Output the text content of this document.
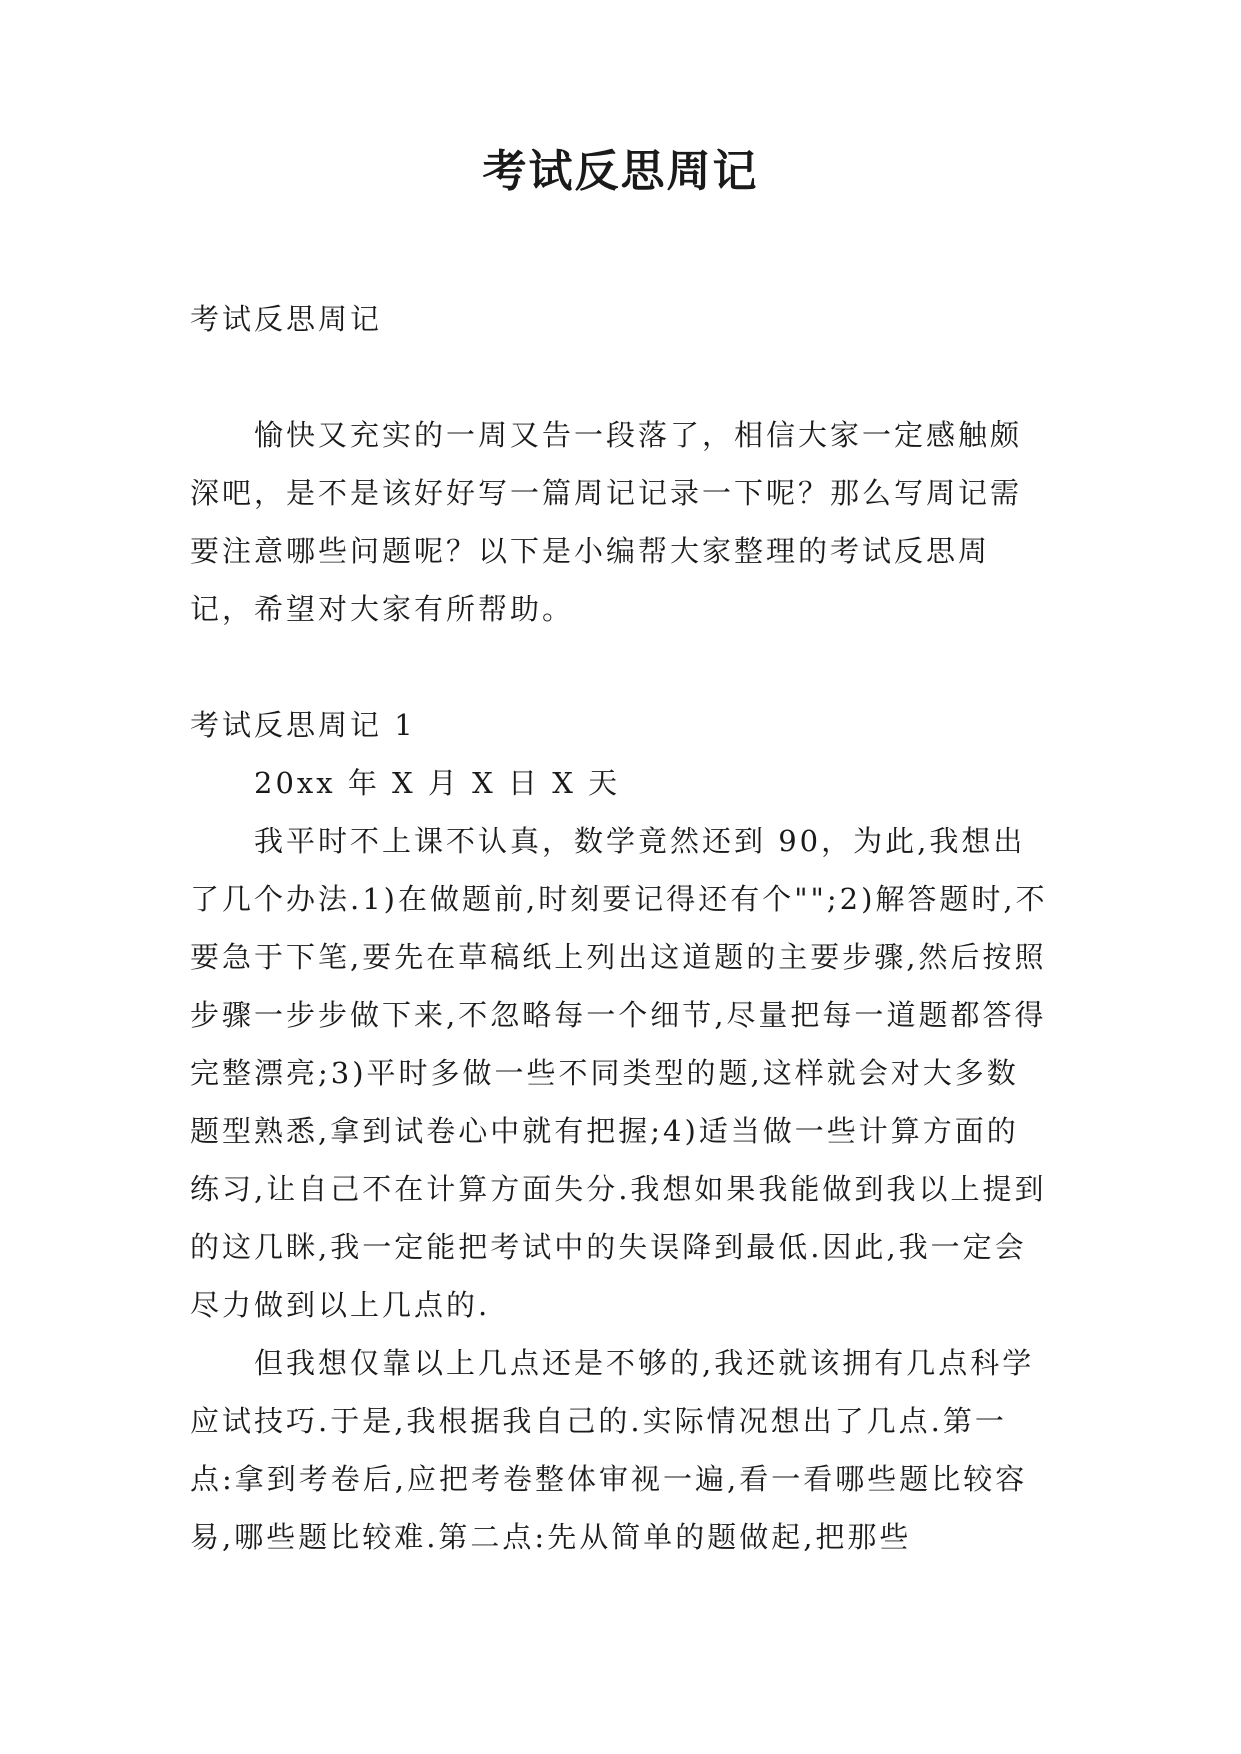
考试反思周记

考试反思周记

愉快又充实的一周又告一段落了，相信大家一定感触颇深吧，是不是该好好写一篇周记记录一下呢？那么写周记需要注意哪些问题呢？以下是小编帮大家整理的考试反思周记，希望对大家有所帮助。

考试反思周记 1

20xx 年 X 月 X 日 X 天

我平时不上课不认真，数学竟然还到 90，为此,我想出了几个办法.1)在做题前,时刻要记得还有个"";2)解答题时,不要急于下笔,要先在草稿纸上列出这道题的主要步骤,然后按照步骤一步步做下来,不忽略每一个细节,尽量把每一道题都答得完整漂亮;3)平时多做一些不同类型的题,这样就会对大多数题型熟悉,拿到试卷心中就有把握;4)适当做一些计算方面的练习,让自己不在计算方面失分.我想如果我能做到我以上提到的这几眯,我一定能把考试中的失误降到最低.因此,我一定会尽力做到以上几点的.

但我想仅靠以上几点还是不够的,我还就该拥有几点科学应试技巧.于是,我根据我自己的.实际情况想出了几点.第一点:拿到考卷后,应把考卷整体审视一遍,看一看哪些题比较容易,哪些题比较难.第二点:先从简单的题做起,把那些
